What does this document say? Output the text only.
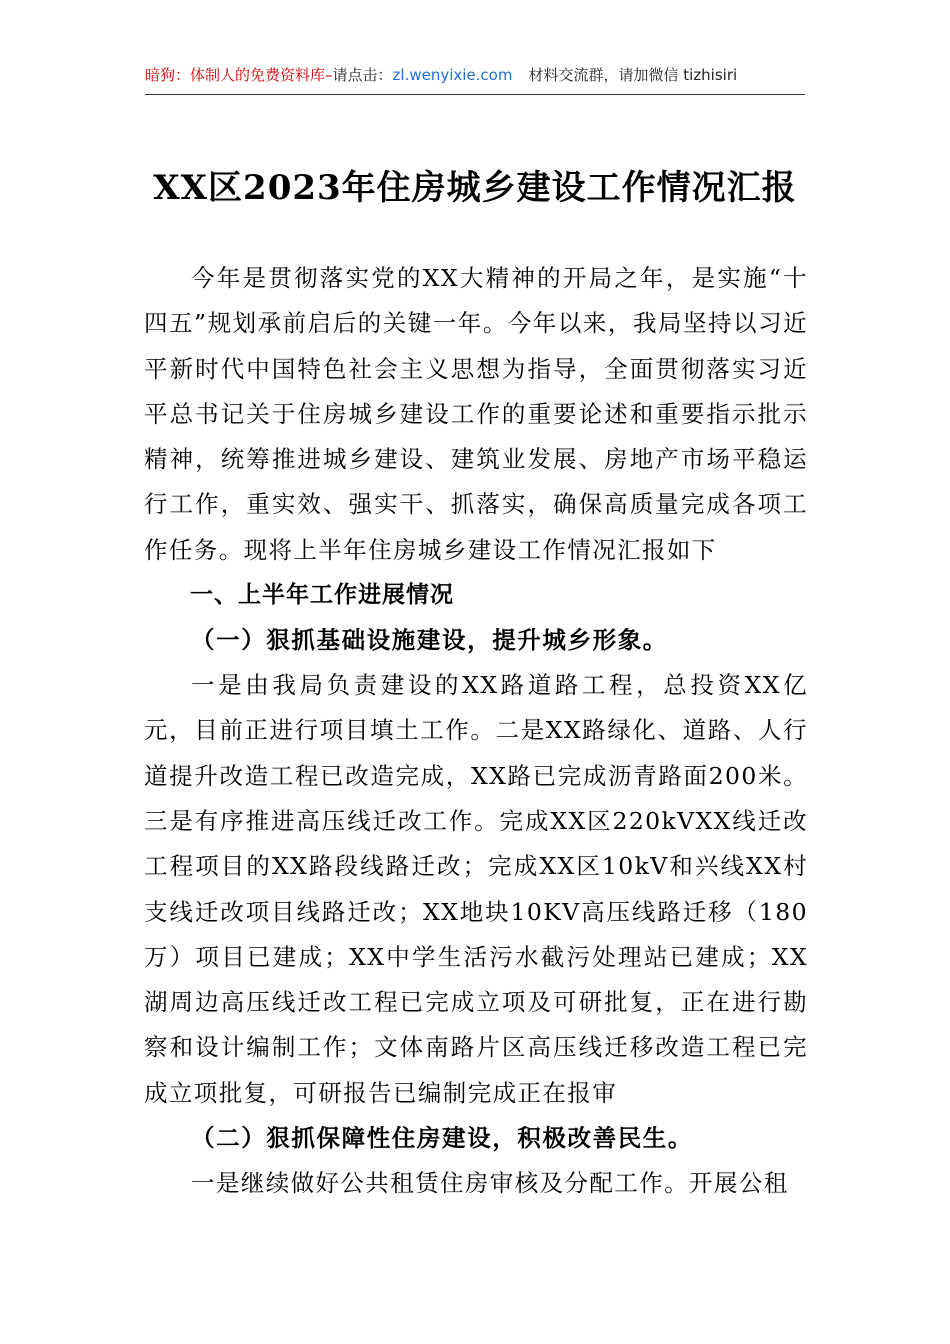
暗狗：体制人的免费资料库–请点击：zl.wenyixie.com 材料交流群，请加微信 tizhisiri
XX区2023年住房城乡建设工作情况汇报

今年是贯彻落实党的XX大精神的开局之年，是实施“十四五”规划承前启后的关键一年。今年以来，我局坚持以习近平新时代中国特色社会主义思想为指导，全面贯彻落实习近平总书记关于住房城乡建设工作的重要论述和重要指示批示精神，统筹推进城乡建设、建筑业发展、房地产市场平稳运行工作，重实效、强实干、抓落实，确保高质量完成各项工作任务。现将上半年住房城乡建设工作情况汇报如下

一、上半年工作进展情况

（一）狠抓基础设施建设，提升城乡形象。

一是由我局负责建设的XX路道路工程，总投资XX亿元，目前正进行项目填土工作。二是XX路绿化、道路、人行道提升改造工程已改造完成，XX路已完成沥青路面200米。三是有序推进高压线迁改工作。完成XX区220kVXX线迁改工程项目的XX路段线路迁改；完成XX区10kV和兴线XX村支线迁改项目线路迁改；XX地块10KV高压线路迁移（180万）项目已建成；XX中学生活污水截污处理站已建成；XX湖周边高压线迁改工程已完成立项及可研批复，正在进行勘察和设计编制工作；文体南路片区高压线迁移改造工程已完成立项批复，可研报告已编制完成正在报审

（二）狠抓保障性住房建设，积极改善民生。

一是继续做好公共租赁住房审核及分配工作。开展公租
